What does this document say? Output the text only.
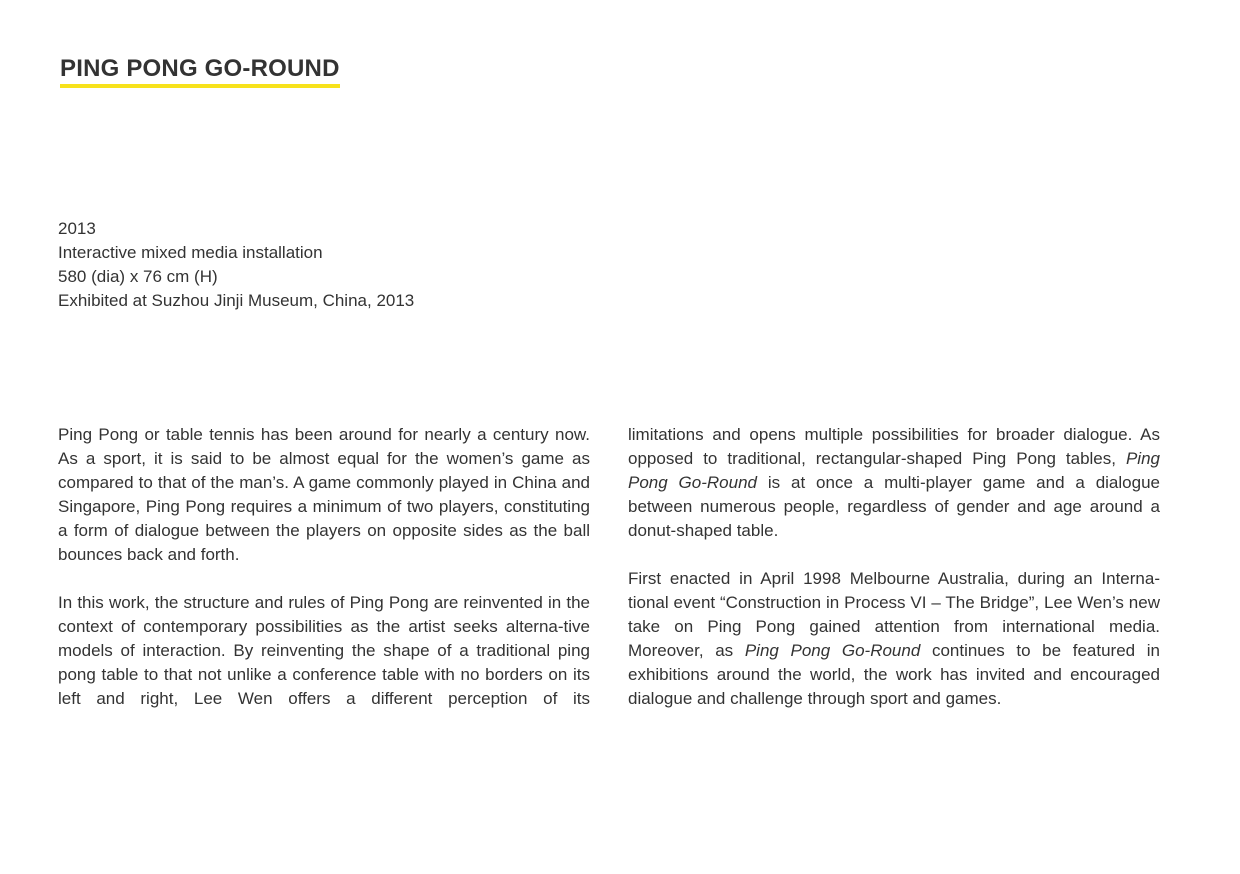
PING PONG GO-ROUND
2013
Interactive mixed media installation
580 (dia) x 76 cm (H)
Exhibited at Suzhou Jinji Museum, China, 2013

Ping Pong or table tennis has been around for nearly a century now. As a sport, it is said to be almost equal for the women’s game as compared to that of the man’s. A game commonly played in China and Singapore, Ping Pong requires a minimum of two players, constituting a form of dialogue between the players on opposite sides as the ball bounces back and forth.

In this work, the structure and rules of Ping Pong are reinvented in the context of contemporary possibilities as the artist seeks alterna-tive models of interaction. By reinventing the shape of a traditional ping pong table to that not unlike a conference table with no borders on its left and right, Lee Wen offers a different perception of its

limitations and opens multiple possibilities for broader dialogue. As opposed to traditional, rectangular-shaped Ping Pong tables, Ping Pong Go-Round is at once a multi-player game and a dialogue between numerous people, regardless of gender and age around a donut-shaped table.

First enacted in April 1998 Melbourne Australia, during an Interna-tional event “Construction in Process VI – The Bridge”, Lee Wen’s new take on Ping Pong gained attention from international media. Moreover, as Ping Pong Go-Round continues to be featured in exhibitions around the world, the work has invited and encouraged dialogue and challenge through sport and games.
